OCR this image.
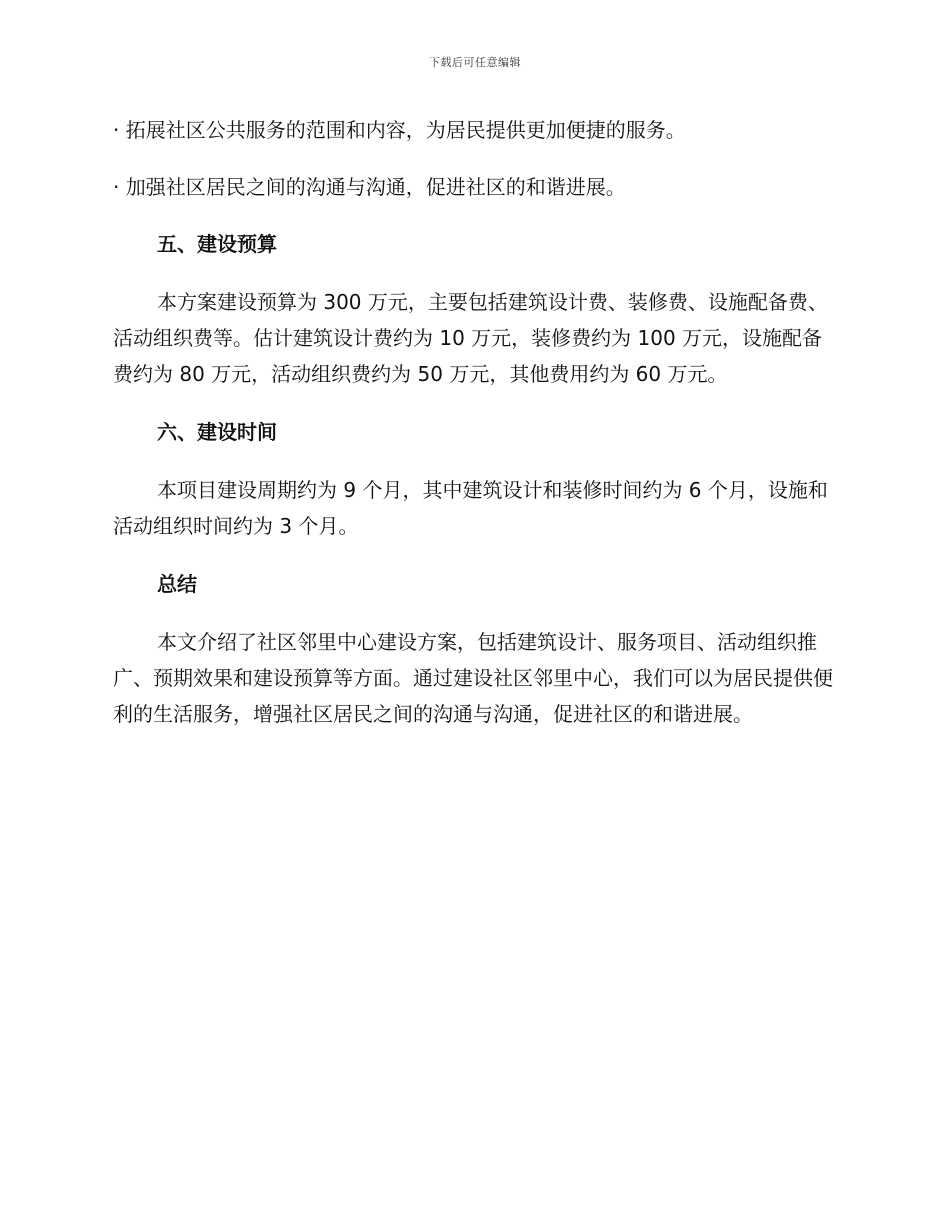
下载后可任意编辑

· 拓展社区公共服务的范围和内容，为居民提供更加便捷的服务。

· 加强社区居民之间的沟通与沟通，促进社区的和谐进展。

五、建设预算

本方案建设预算为 300 万元，主要包括建筑设计费、装修费、设施配备费、活动组织费等。估计建筑设计费约为 10 万元，装修费约为 100 万元，设施配备费约为 80 万元，活动组织费约为 50 万元，其他费用约为 60 万元。

六、建设时间

本项目建设周期约为 9 个月，其中建筑设计和装修时间约为 6 个月，设施和活动组织时间约为 3 个月。

总结

本文介绍了社区邻里中心建设方案，包括建筑设计、服务项目、活动组织推广、预期效果和建设预算等方面。通过建设社区邻里中心，我们可以为居民提供便利的生活服务，增强社区居民之间的沟通与沟通，促进社区的和谐进展。
